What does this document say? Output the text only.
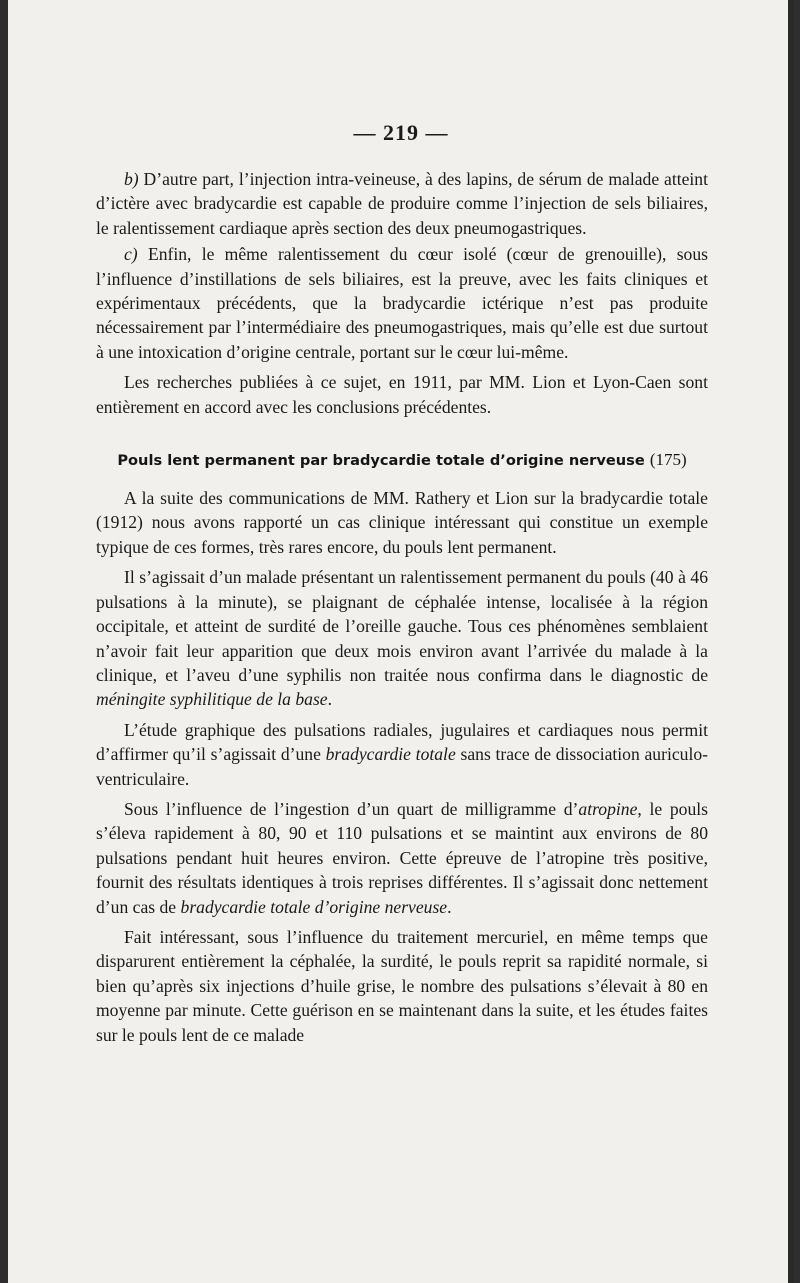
— 219 —

b) D’autre part, l’injection intra-veineuse, à des lapins, de sérum de malade atteint d’ictère avec bradycardie est capable de produire comme l’injection de sels biliaires, le ralentissement cardiaque après section des deux pneumogastriques.

c) Enfin, le même ralentissement du cœur isolé (cœur de grenouille), sous l’influence d’instillations de sels biliaires, est la preuve, avec les faits cliniques et expérimentaux précédents, que la bradycardie ictérique n’est pas produite nécessairement par l’intermédiaire des pneumogastriques, mais qu’elle est due surtout à une intoxication d’origine centrale, portant sur le cœur lui-même.

Les recherches publiées à ce sujet, en 1911, par MM. Lion et Lyon-Caen sont entièrement en accord avec les conclusions précédentes.

Pouls lent permanent par bradycardie totale d’origine nerveuse (175)

A la suite des communications de MM. Rathery et Lion sur la bradycardie totale (1912) nous avons rapporté un cas clinique intéressant qui constitue un exemple typique de ces formes, très rares encore, du pouls lent permanent.

Il s’agissait d’un malade présentant un ralentissement permanent du pouls (40 à 46 pulsations à la minute), se plaignant de céphalée intense, localisée à la région occipitale, et atteint de surdité de l’oreille gauche. Tous ces phénomènes semblaient n’avoir fait leur apparition que deux mois environ avant l’arrivée du malade à la clinique, et l’aveu d’une syphilis non traitée nous confirma dans le diagnostic de méningite syphilitique de la base.

L’étude graphique des pulsations radiales, jugulaires et cardiaques nous permit d’affirmer qu’il s’agissait d’une bradycardie totale sans trace de dissociation auriculo-ventriculaire.

Sous l’influence de l’ingestion d’un quart de milligramme d’atropine, le pouls s’éleva rapidement à 80, 90 et 110 pulsations et se maintint aux environs de 80 pulsations pendant huit heures environ. Cette épreuve de l’atropine très positive, fournit des résultats identiques à trois reprises différentes. Il s’agissait donc nettement d’un cas de bradycardie totale d’origine nerveuse.

Fait intéressant, sous l’influence du traitement mercuriel, en même temps que disparurent entièrement la céphalée, la surdité, le pouls reprit sa rapidité normale, si bien qu’après six injections d’huile grise, le nombre des pulsations s’élevait à 80 en moyenne par minute. Cette guérison en se maintenant dans la suite, et les études faites sur le pouls lent de ce malade
